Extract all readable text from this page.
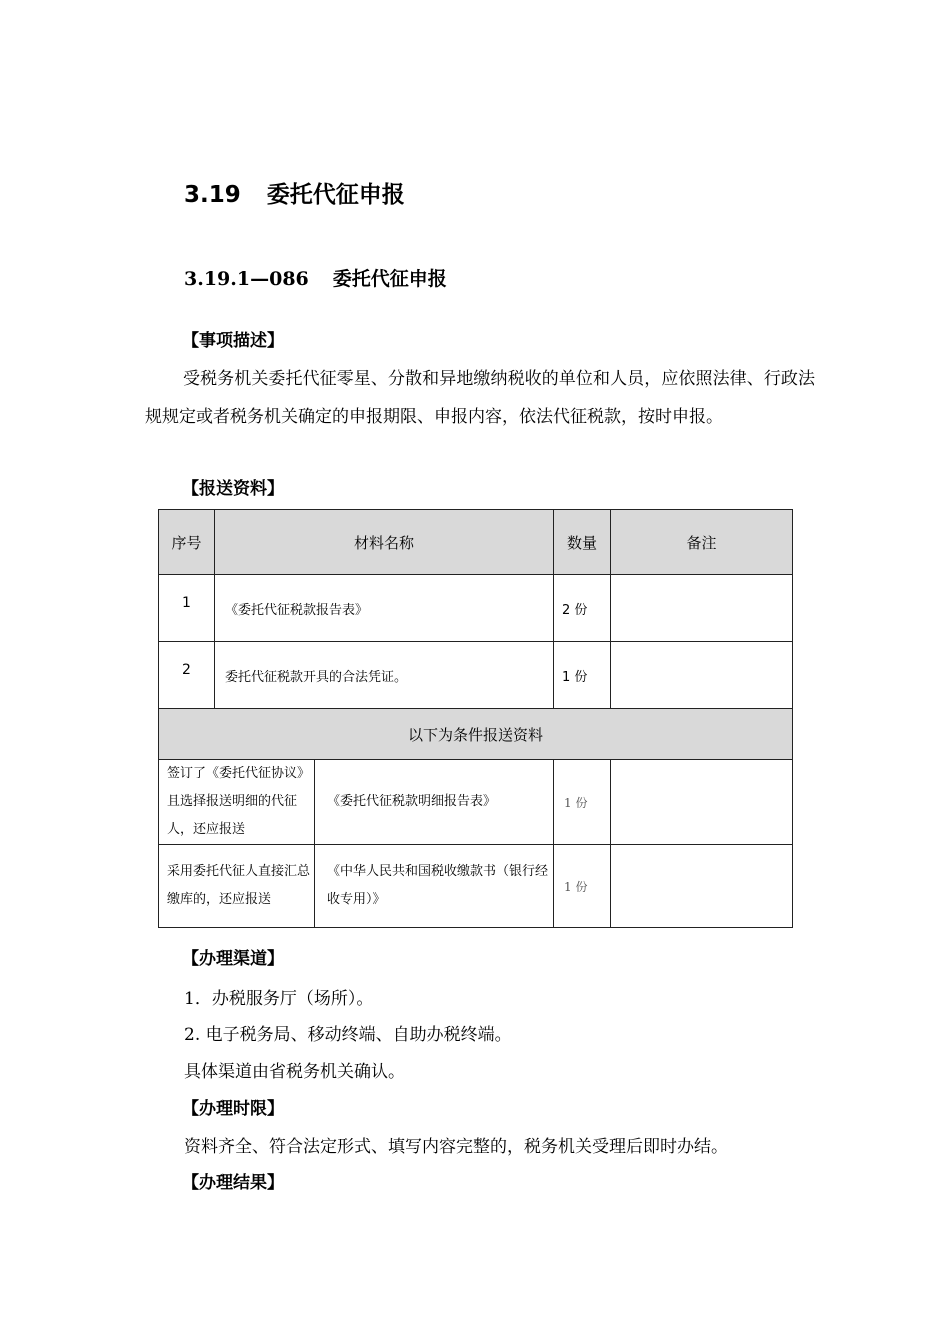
3.19 委托代征申报
3.19.1—086 委托代征申报
【事项描述】
受税务机关委托代征零星、分散和异地缴纳税收的单位和人员，应依照法律、行政法规规定或者税务机关确定的申报期限、申报内容，依法代征税款，按时申报。
【报送资料】
序号	材料名称		数量	备注
1	《委托代征税款报告表》		2 份	
2	委托代征税款开具的合法凭证。		1 份	
以下为条件报送资料				
签订了《委托代征协议》且选择报送明细的代征人，还应报送		《委托代征税款明细报告表》	1 份	
采用委托代征人直接汇总缴库的，还应报送		《中华人民共和国税收缴款书（银行经收专用）》	1 份	
【办理渠道】
1．办税服务厅（场所）。
2. 电子税务局、移动终端、自助办税终端。
具体渠道由省税务机关确认。
【办理时限】
资料齐全、符合法定形式、填写内容完整的，税务机关受理后即时办结。
【办理结果】
